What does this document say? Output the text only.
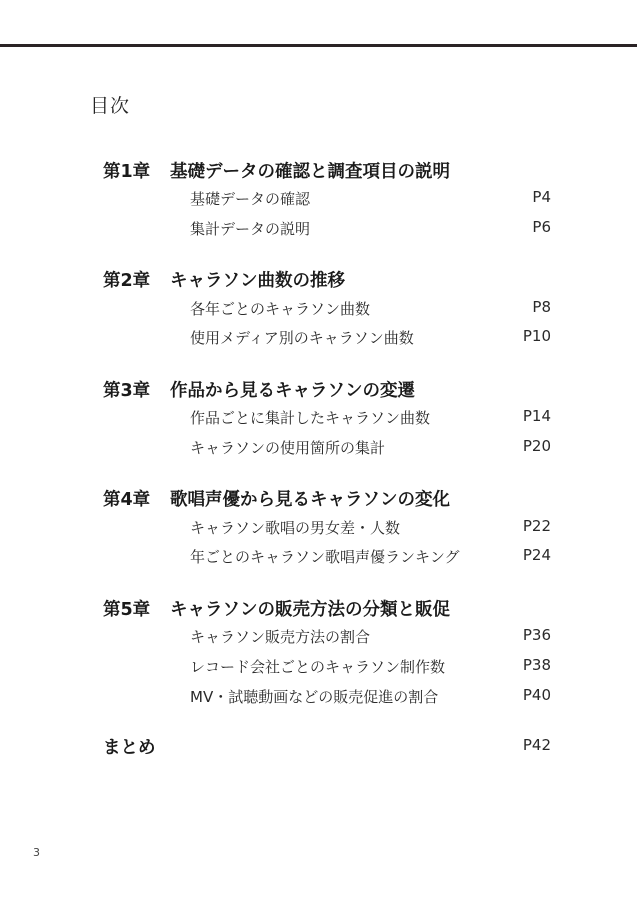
目次
第1章 基礎データの確認と調査項目の説明
基礎データの確認	P4
集計データの説明	P6
第2章 キャラソン曲数の推移
各年ごとのキャラソン曲数	P8
使用メディア別のキャラソン曲数	P10
第3章 作品から見るキャラソンの変遷
作品ごとに集計したキャラソン曲数	P14
キャラソンの使用箇所の集計	P20
第4章 歌唱声優から見るキャラソンの変化
キャラソン歌唱の男女差・人数	P22
年ごとのキャラソン歌唱声優ランキング	P24
第5章 キャラソンの販売方法の分類と販促
キャラソン販売方法の割合	P36
レコード会社ごとのキャラソン制作数	P38
MV・試聴動画などの販売促進の割合	P40
まとめ	P42
3
